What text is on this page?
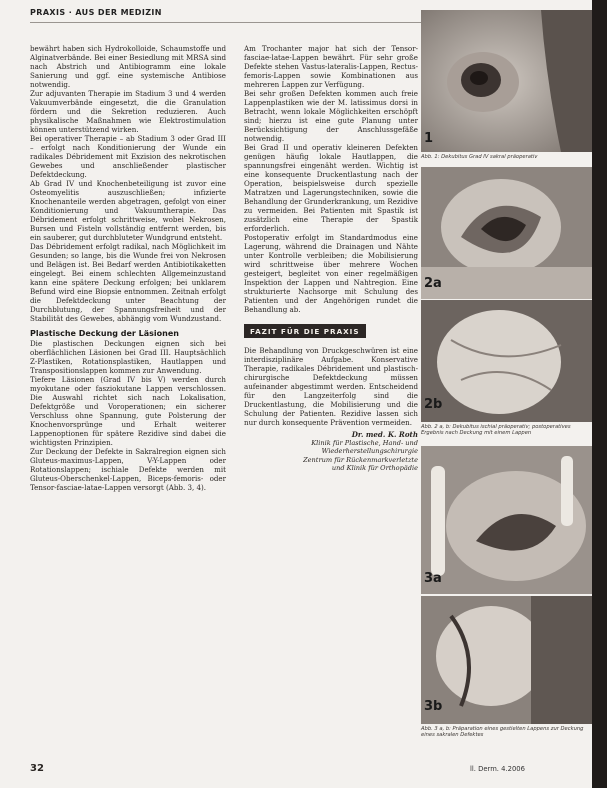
PRAXIS · AUS DER MEDIZIN

bewährt haben sich Hydrokolloide, Schaumstoffe und Alginatverbände. Bei einer Besiedlung mit MRSA sind nach Abstrich und Antibiogramm eine lokale Sanierung und ggf. eine systemische Antibiose notwendig.

Zur adjuvanten Therapie im Stadium 3 und 4 werden Vakuumverbände eingesetzt, die die Granulation fördern und die Sekretion reduzieren. Auch physikalische Maßnahmen wie Elektrostimulation können unterstützend wirken.

Bei operativer Therapie – ab Stadium 3 oder Grad III – erfolgt nach Konditionierung der Wunde ein radikales Débridement mit Exzision des nekrotischen Gewebes und anschließender plastischer Defektdeckung.

Ab Grad IV und Knochenbeteiligung ist zuvor eine Osteomyelitis auszuschließen; infizierte Knochenanteile werden abgetragen, gefolgt von einer Konditionierung und Vakuumtherapie. Das Débridement erfolgt schrittweise, wobei Nekrosen, Bursen und Fisteln vollständig entfernt werden, bis ein sauberer, gut durchbluteter Wundgrund entsteht.

Das Débridement erfolgt radikal, nach Möglichkeit im Gesunden; so lange, bis die Wunde frei von Nekrosen und Belägen ist. Bei Bedarf werden Antibiotikaketten eingelegt. Bei einem schlechten Allgemeinzustand kann eine spätere Deckung erfolgen; bei unklarem Befund wird eine Biopsie entnommen. Zeitnah erfolgt die Defektdeckung unter Beachtung der Durchblutung, der Spannungsfreiheit und der Stabilität des Gewebes, abhängig vom Wundzustand.

Plastische Deckung der Läsionen

Die plastischen Deckungen eignen sich bei oberflächlichen Läsionen bei Grad III. Hauptsächlich Z-Plastiken, Rotationsplastiken, Hautlappen und Transpositionslappen kommen zur Anwendung.

Tiefere Läsionen (Grad IV bis V) werden durch myokutane oder fasziokutane Lappen verschlossen. Die Auswahl richtet sich nach Lokalisation, Defektgröße und Voroperationen; ein sicherer Verschluss ohne Spannung, gute Polsterung der Knochenvorsprünge und Erhalt weiterer Lappenoptionen für spätere Rezidive sind dabei die wichtigsten Prinzipien.

Zur Deckung der Defekte in Sakralregion eignen sich Gluteus-maximus-Lappen, V-Y-Lappen oder Rotationslappen; ischiale Defekte werden mit Gluteus-Oberschenkel-Lappen, Biceps-femoris- oder Tensor-fasciae-latae-Lappen versorgt (Abb. 3, 4).

Am Trochanter major hat sich der Tensor-fasciae-latae-Lappen bewährt. Für sehr große Defekte stehen Vastus-lateralis-Lappen, Rectus-femoris-Lappen sowie Kombinationen aus mehreren Lappen zur Verfügung.

Bei sehr großen Defekten kommen auch freie Lappenplastiken wie der M. latissimus dorsi in Betracht, wenn lokale Möglichkeiten erschöpft sind; hierzu ist eine gute Planung unter Berücksichtigung der Anschlussgefäße notwendig.

Bei Grad II und operativ kleineren Defekten genügen häufig lokale Hautlappen, die spannungsfrei eingenäht werden. Wichtig ist eine konsequente Druckentlastung nach der Operation, beispielsweise durch spezielle Matratzen und Lagerungstechniken, sowie die Behandlung der Grunderkrankung, um Rezidive zu vermeiden. Bei Patienten mit Spastik ist zusätzlich eine Therapie der Spastik erforderlich.

Postoperativ erfolgt im Standardmodus eine Lagerung, während die Drainagen und Nähte unter Kontrolle verbleiben; die Mobilisierung wird schrittweise über mehrere Wochen gesteigert, begleitet von einer regelmäßigen Inspektion der Lappen und Nahtregion. Eine strukturierte Nachsorge mit Schulung des Patienten und der Angehörigen rundet die Behandlung ab.

FAZIT FÜR DIE PRAXIS

Die Behandlung von Druckgeschwüren ist eine interdisziplinäre Aufgabe. Konservative Therapie, radikales Débridement und plastisch-chirurgische Defektdeckung müssen aufeinander abgestimmt werden. Entscheidend für den Langzeiterfolg sind die Druckentlastung, die Mobilisierung und die Schulung der Patienten. Rezidive lassen sich nur durch konsequente Prävention vermeiden.

Dr. med. K. Roth
Klinik für Plastische, Hand- und Wiederherstellungschirurgie
Zentrum für Rückenmarkverletzte
und Klinik für Orthopädie
1
Abb. 1: Dekubitus Grad IV sakral präoperativ
2a
2b
Abb. 2 a, b: Dekubitus ischial präoperativ; postoperatives Ergebnis nach Deckung mit einem Lappen
3a
3b
Abb. 3 a, b: Präparation eines gestielten Lappens zur Deckung eines sakralen Defektes
32	ll. Derm. 4.2006
